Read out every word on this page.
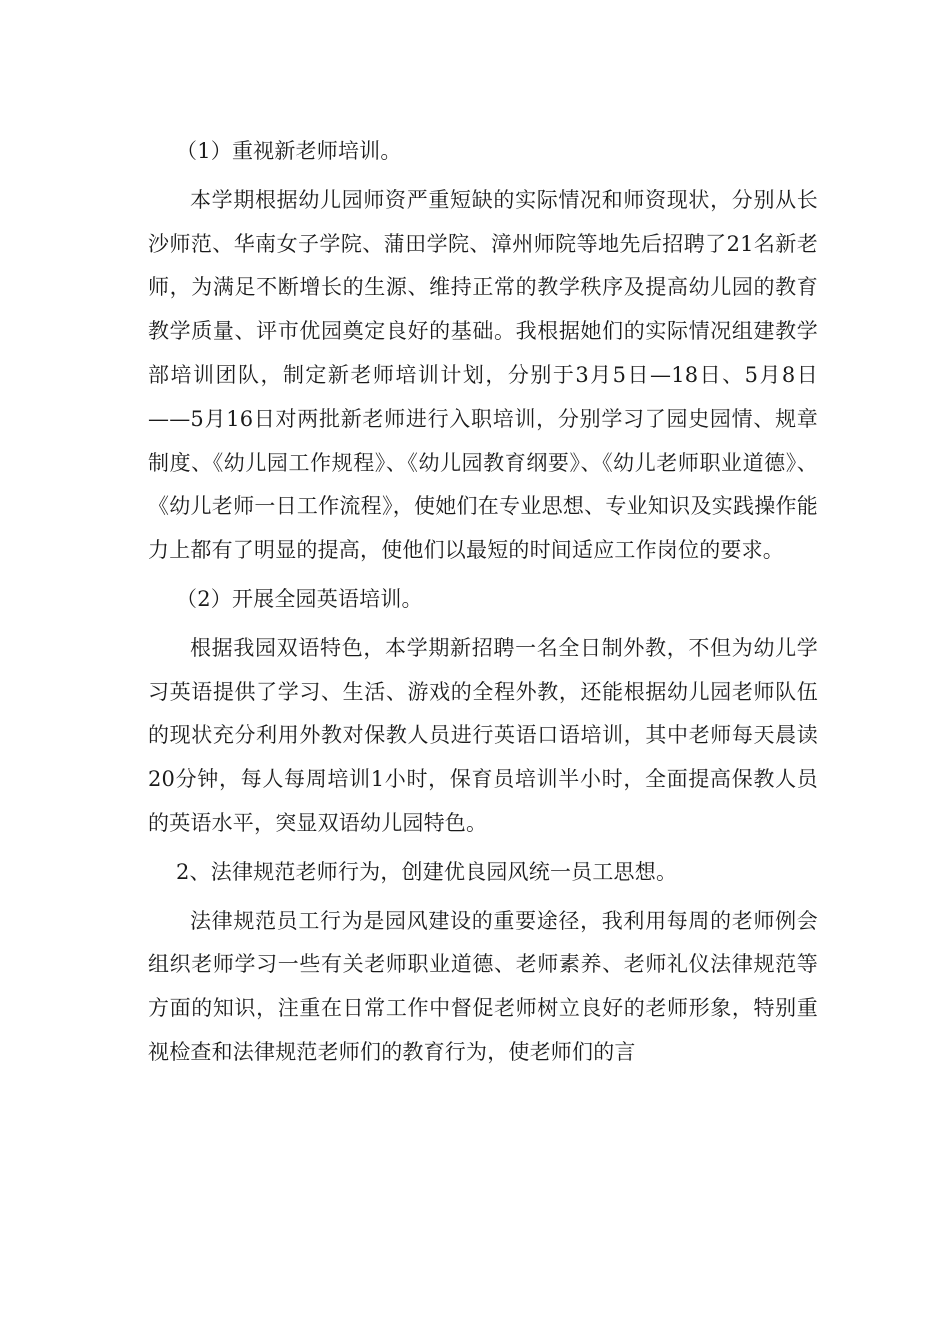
（1）重视新老师培训。

本学期根据幼儿园师资严重短缺的实际情况和师资现状，分别从长沙师范、华南女子学院、蒲田学院、漳州师院等地先后招聘了21名新老师，为满足不断增长的生源、维持正常的教学秩序及提高幼儿园的教育教学质量、评市优园奠定良好的基础。我根据她们的实际情况组建教学部培训团队，制定新老师培训计划，分别于3月5日—18日、5月8日——5月16日对两批新老师进行入职培训，分别学习了园史园情、规章制度、《幼儿园工作规程》、《幼儿园教育纲要》、《幼儿老师职业道德》、《幼儿老师一日工作流程》，使她们在专业思想、专业知识及实践操作能力上都有了明显的提高，使他们以最短的时间适应工作岗位的要求。

（2）开展全园英语培训。

根据我园双语特色，本学期新招聘一名全日制外教，不但为幼儿学习英语提供了学习、生活、游戏的全程外教，还能根据幼儿园老师队伍的现状充分利用外教对保教人员进行英语口语培训，其中老师每天晨读20分钟，每人每周培训1小时，保育员培训半小时，全面提高保教人员的英语水平，突显双语幼儿园特色。

2、法律规范老师行为，创建优良园风统一员工思想。

法律规范员工行为是园风建设的重要途径，我利用每周的老师例会组织老师学习一些有关老师职业道德、老师素养、老师礼仪法律规范等方面的知识，注重在日常工作中督促老师树立良好的老师形象，特别重视检查和法律规范老师们的教育行为，使老师们的言
